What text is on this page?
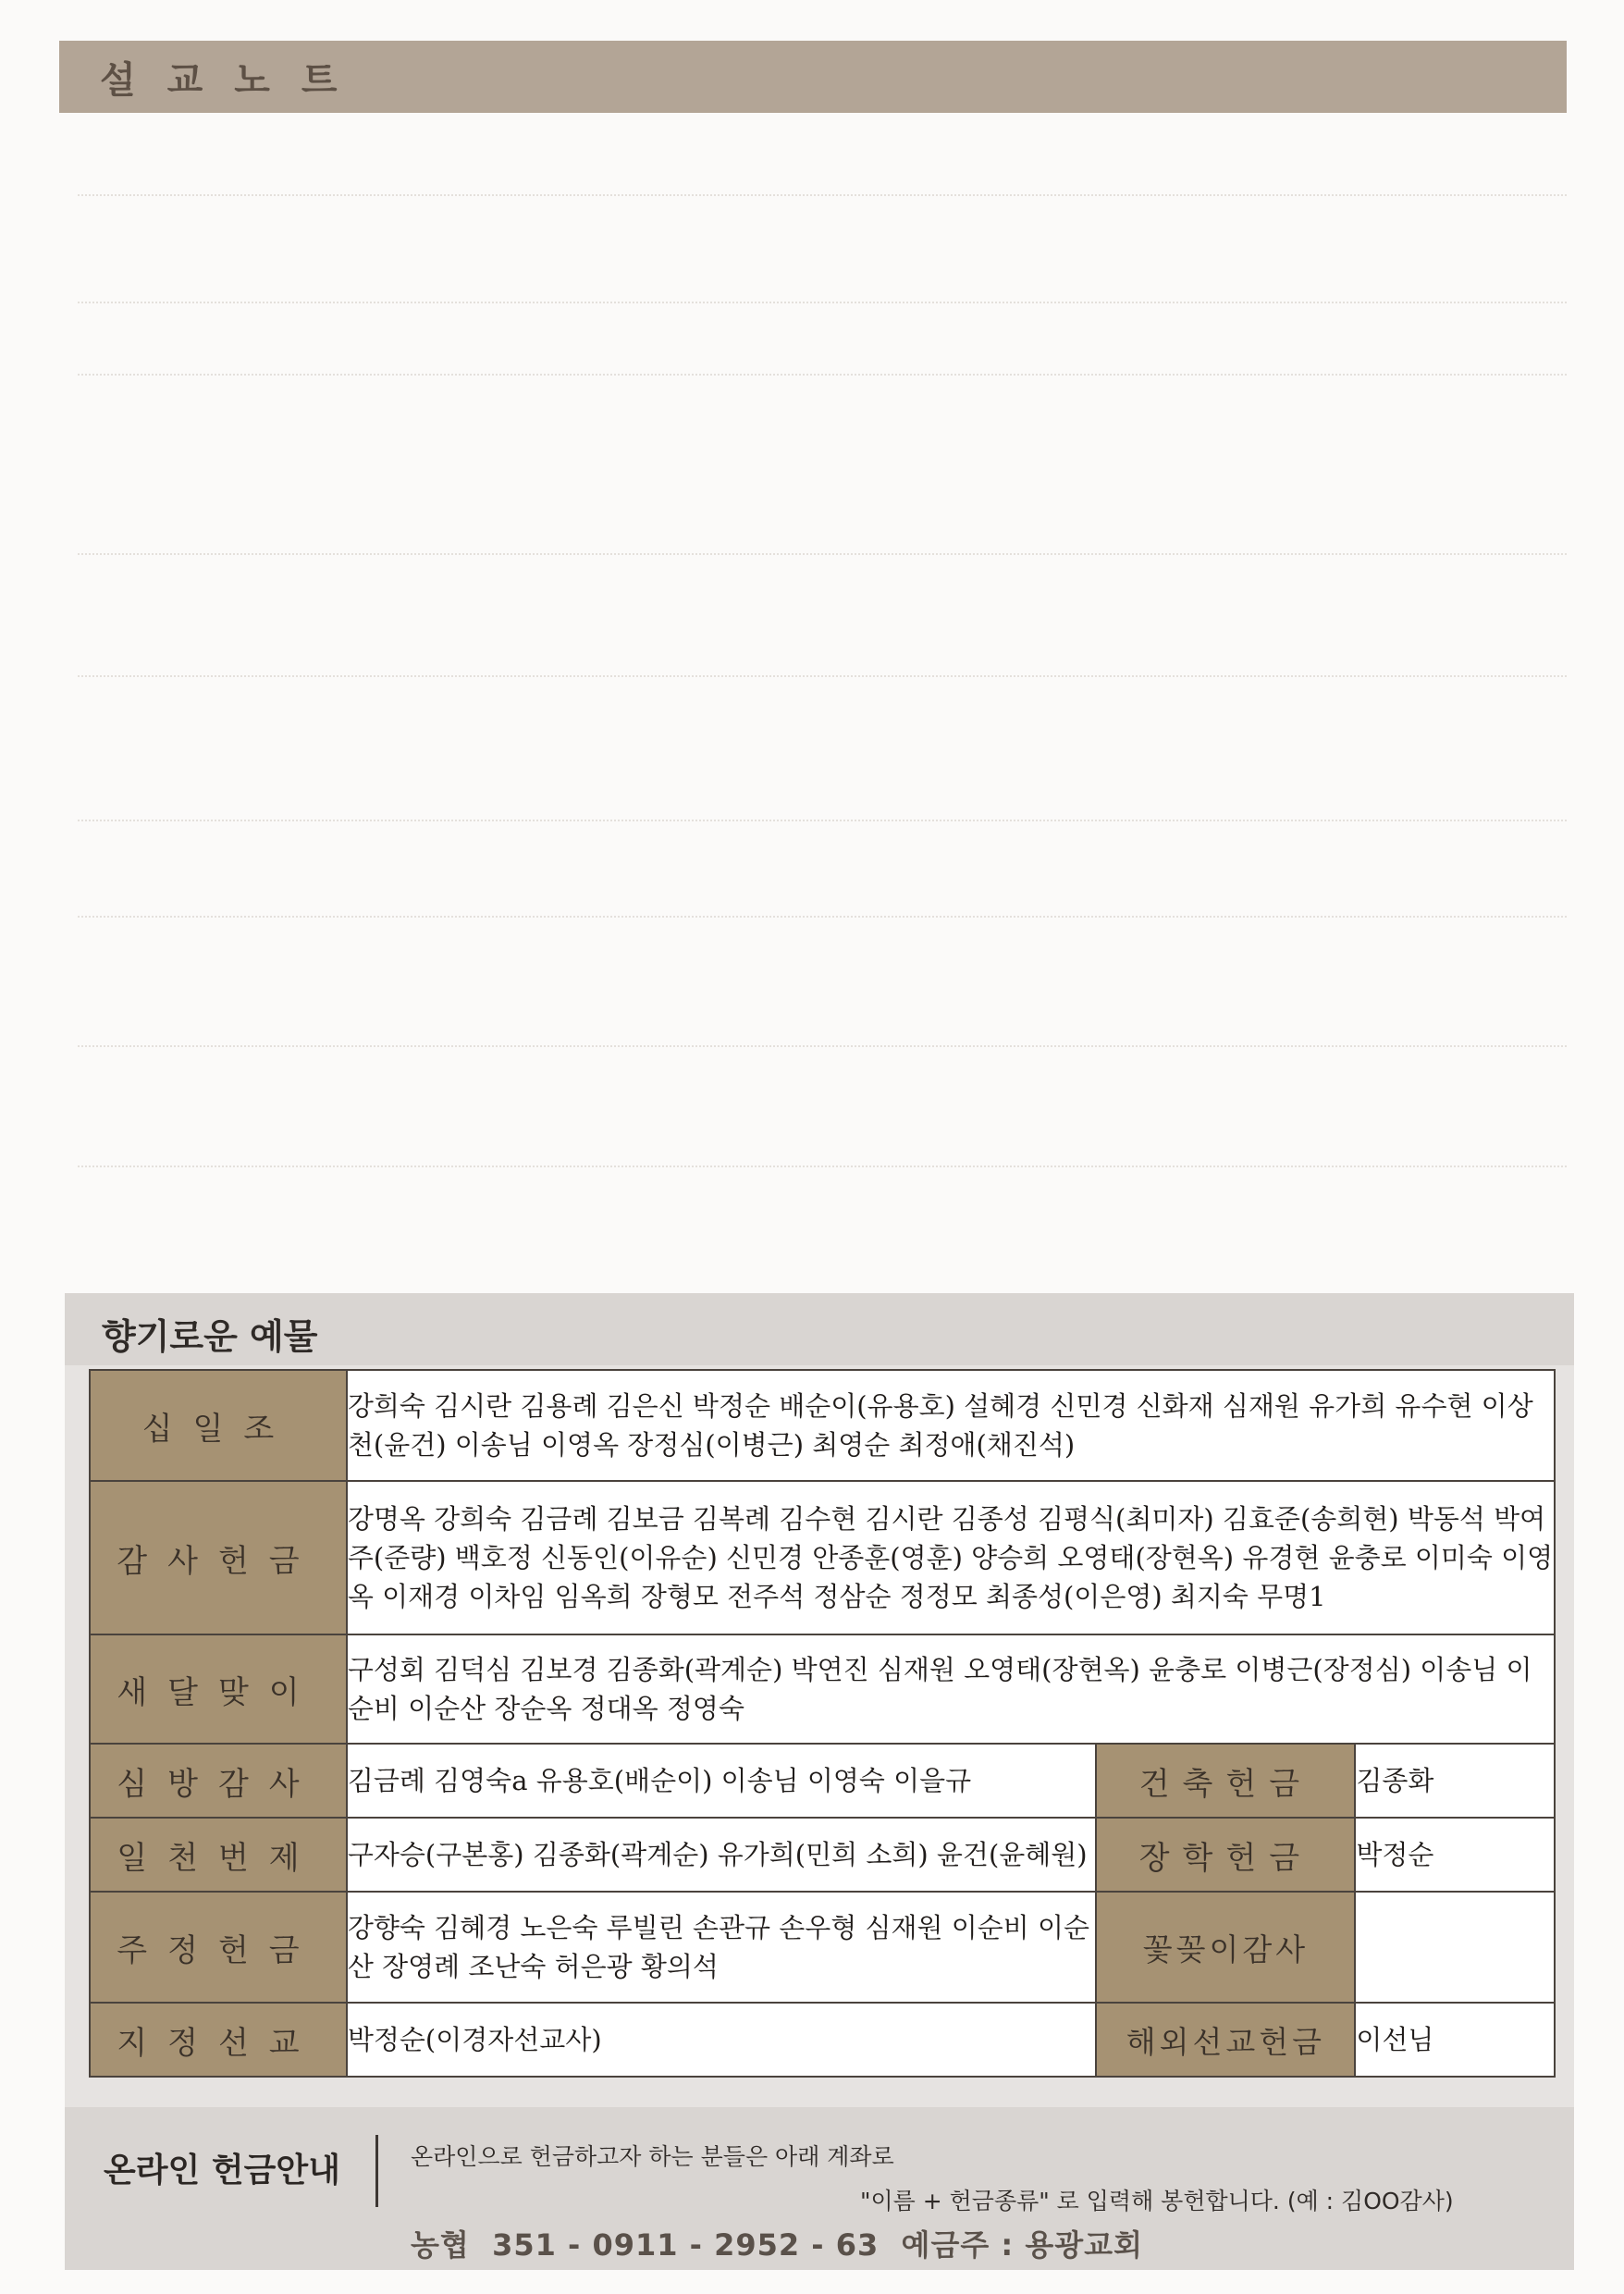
설교노트
향기로운 예물
십일조	강희숙 김시란 김용례 김은신 박정순 배순이(유용호) 설혜경 신민경 신화재 심재원 유가희 유수현 이상천(윤건) 이송님 이영옥 장정심(이병근) 최영순 최정애(채진석)		
감사헌금	강명옥 강희숙 김금례 김보금 김복례 김수현 김시란 김종성 김평식(최미자) 김효준(송희현) 박동석 박여주(준량) 백호정 신동인(이유순) 신민경 안종훈(영훈) 양승희 오영태(장현옥) 유경현 윤충로 이미숙 이영옥 이재경 이차임 임옥희 장형모 전주석 정삼순 정정모 최종성(이은영) 최지숙 무명1		
새달맞이	구성회 김덕심 김보경 김종화(곽계순) 박연진 심재원 오영태(장현옥) 윤충로 이병근(장정심) 이송님 이순비 이순산 장순옥 정대옥 정영숙		
심방감사	김금례 김영숙a 유용호(배순이) 이송님 이영숙 이을규	건축헌금	김종화
일천번제	구자승(구본홍) 김종화(곽계순) 유가희(민희 소희) 윤건(윤혜원)	장학헌금	박정순
주정헌금	강향숙 김혜경 노은숙 루빌린 손관규 손우형 심재원 이순비 이순산 장영례 조난숙 허은광 황의석	꽃꽂이감사	
지정선교	박정순(이경자선교사)	해외선교헌금	이선님
온라인 헌금안내	온라인으로 헌금하고자 하는 분들은 아래 계좌로
"이름 + 헌금종류" 로 입력해 봉헌합니다. (예 : 김OO감사)
농협  351 - 0911 - 2952 - 63  예금주 : 용광교회
